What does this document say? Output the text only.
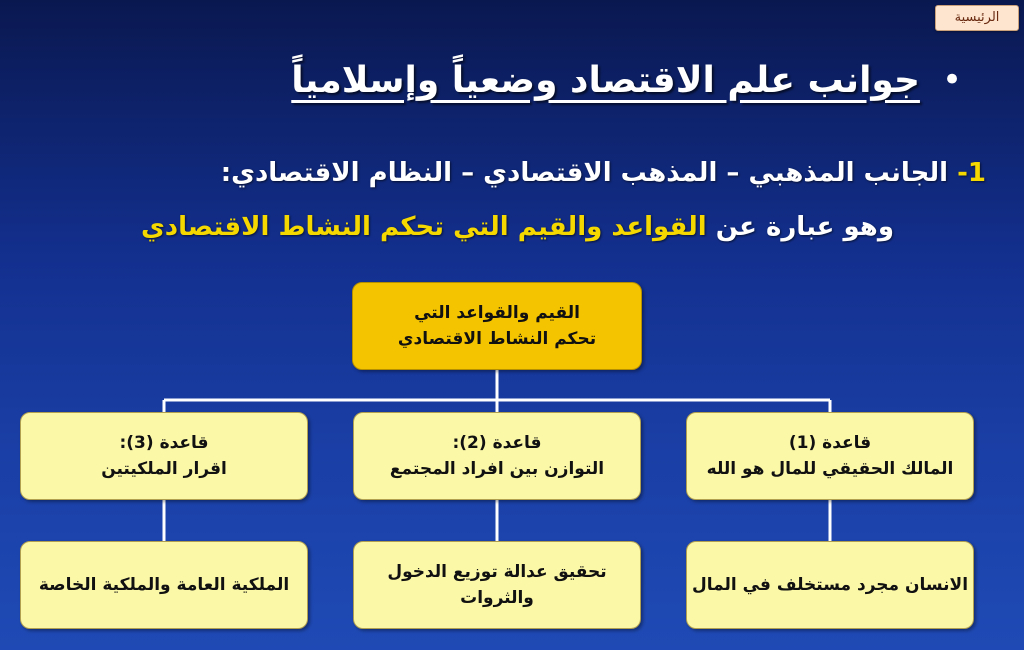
الرئيسية
•
جوانب علم الاقتصاد وضعياً وإسلامياً
1- الجانب المذهبي – المذهب الاقتصادي – النظام الاقتصادي:
وهو عبارة عن القواعد والقيم التي تحكم النشاط الاقتصادي
القيم والقواعد التي
تحكم النشاط الاقتصادي
قاعدة (1)
المالك الحقيقي للمال هو الله
قاعدة (2):
التوازن بين افراد المجتمع
قاعدة (3):
اقرار الملكيتين
الانسان مجرد مستخلف في المال
تحقيق عدالة توزيع الدخول والثروات
الملكية العامة والملكية الخاصة
